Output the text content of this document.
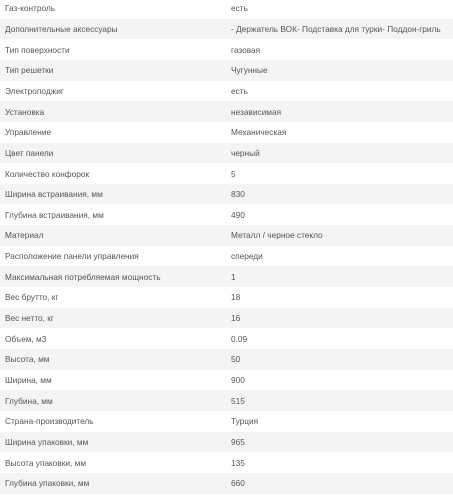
Газ-контроль	есть
Дополнительные аксессуары	- Держатель ВОК- Подставка для турки- Поддон-гриль
Тип поверхности	газовая
Тип решетки	Чугунные
Электроподжиг	есть
Установка	независимая
Управление	Механическая
Цвет панели	черный
Количество конфорок	5
Ширина встраивания, мм	830
Глубина встраивания, мм	490
Материал	Металл / черное стекло
Расположение панели управления	спереди
Максимальная потребляемая мощность	1
Вес брутто, кг	18
Вес нетто, кг	16
Объем, м3	0.09
Высота, мм	50
Ширина, мм	900
Глубина, мм	515
Страна-производитель	Турция
Ширина упаковки, мм	965
Высота упаковки, мм	135
Глубина упаковки, мм	660
